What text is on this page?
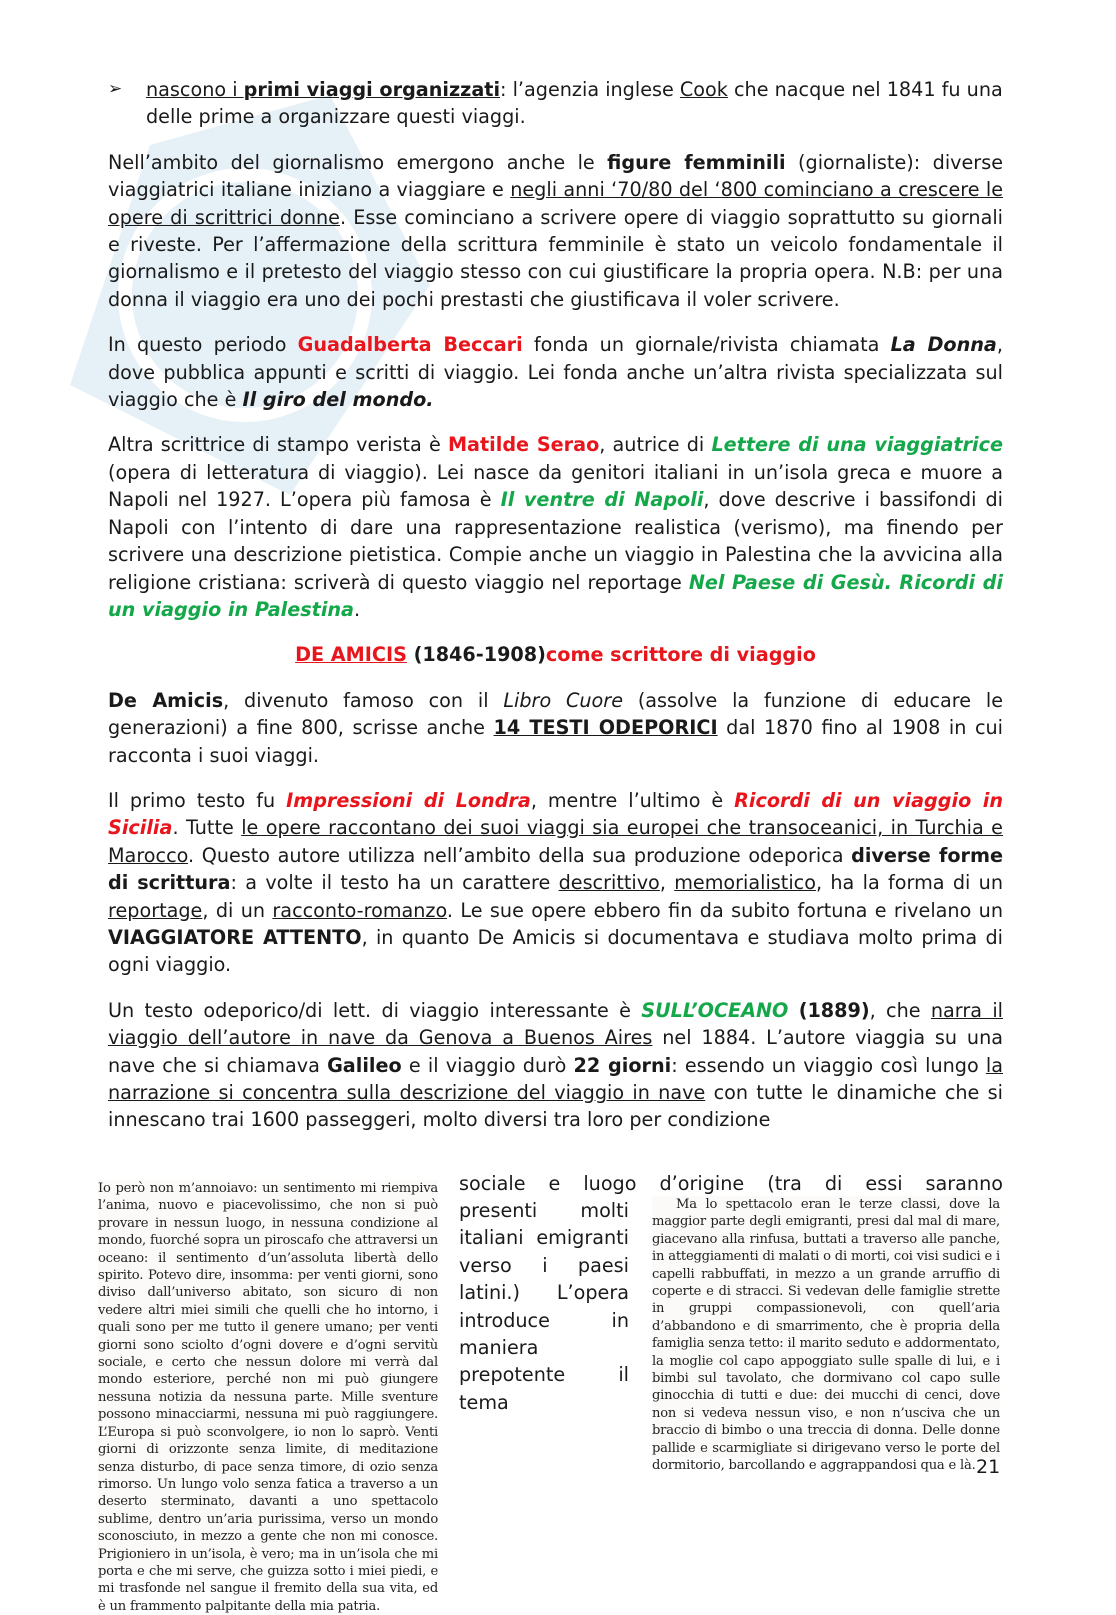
➢ nascono i primi viaggi organizzati: l’agenzia inglese Cook che nacque nel 1841 fu una delle prime a organizzare questi viaggi.

Nell’ambito del giornalismo emergono anche le figure femminili (giornaliste): diverse viaggiatrici italiane iniziano a viaggiare e negli anni ‘70/80 del ‘800 cominciano a crescere le opere di scrittrici donne. Esse cominciano a scrivere opere di viaggio soprattutto su giornali e riveste. Per l’affermazione della scrittura femminile è stato un veicolo fondamentale il giornalismo e il pretesto del viaggio stesso con cui giustificare la propria opera. N.B: per una donna il viaggio era uno dei pochi prestasti che giustificava il voler scrivere.

In questo periodo Guadalberta Beccari fonda un giornale/rivista chiamata La Donna, dove pubblica appunti e scritti di viaggio. Lei fonda anche un’altra rivista specializzata sul viaggio che è Il giro del mondo.

Altra scrittrice di stampo verista è Matilde Serao, autrice di Lettere di una viaggiatrice (opera di letteratura di viaggio). Lei nasce da genitori italiani in un’isola greca e muore a Napoli nel 1927. L’opera più famosa è Il ventre di Napoli, dove descrive i bassifondi di Napoli con l’intento di dare una rappresentazione realistica (verismo), ma finendo per scrivere una descrizione pietistica. Compie anche un viaggio in Palestina che la avvicina alla religione cristiana: scriverà di questo viaggio nel reportage Nel Paese di Gesù. Ricordi di un viaggio in Palestina.

DE AMICIS (1846-1908)come scrittore di viaggio

De Amicis, divenuto famoso con il Libro Cuore (assolve la funzione di educare le generazioni) a fine 800, scrisse anche 14 TESTI ODEPORICI dal 1870 fino al 1908 in cui racconta i suoi viaggi.

Il primo testo fu Impressioni di Londra, mentre l’ultimo è Ricordi di un viaggio in Sicilia. Tutte le opere raccontano dei suoi viaggi sia europei che transoceanici, in Turchia e Marocco. Questo autore utilizza nell’ambito della sua produzione odeporica diverse forme di scrittura: a volte il testo ha un carattere descrittivo, memorialistico, ha la forma di un reportage, di un racconto-romanzo. Le sue opere ebbero fin da subito fortuna e rivelano un VIAGGIATORE ATTENTO, in quanto De Amicis si documentava e studiava molto prima di ogni viaggio.

Un testo odeporico/di lett. di viaggio interessante è SULL’OCEANO (1889), che narra il viaggio dell’autore in nave da Genova a Buenos Aires nel 1884. L’autore viaggia su una nave che si chiamava Galileo e il viaggio durò 22 giorni: essendo un viaggio così lungo la narrazione si concentra sulla descrizione del viaggio in nave con tutte le dinamiche che si innescano trai 1600 passeggeri, molto diversi tra loro per condizione

sociale e luogo d’origine (tra di essi saranno
presenti molti italiani emigranti verso i paesi latini.) L’opera introduce in maniera prepotente il tema

Io però non m’annoiavo: un sentimento mi riempiva l’anima, nuovo e piacevolissimo, che non si può provare in nessun luogo, in nessuna condizione al mondo, fuorché sopra un piroscafo che attraversi un oceano: il sentimento d’un’assoluta libertà dello spirito. Potevo dire, insomma: per venti giorni, sono diviso dall’universo abitato, son sicuro di non vedere altri miei simili che quelli che ho intorno, i quali sono per me tutto il genere umano; per venti giorni sono sciolto d’ogni dovere e d’ogni servitù sociale, e certo che nessun dolore mi verrà dal mondo esteriore, perché non mi può giungere nessuna notizia da nessuna parte. Mille sventure possono minacciarmi, nessuna mi può raggiungere. L’Europa si può sconvolgere, io non lo saprò. Venti giorni di orizzonte senza limite, di meditazione senza disturbo, di pace senza timore, di ozio senza rimorso. Un lungo volo senza fatica a traverso a un deserto sterminato, davanti a uno spettacolo sublime, dentro un’aria purissima, verso un mondo sconosciuto, in mezzo a gente che non mi conosce. Prigioniero in un’isola, è vero; ma in un’isola che mi porta e che mi serve, che guizza sotto i miei piedi, e mi trasfonde nel sangue il fremito della sua vita, ed è un frammento palpitante della mia patria.

Ma lo spettacolo eran le terze classi, dove la maggior parte degli emigranti, presi dal mal di mare, giacevano alla rinfusa, buttati a traverso alle panche, in atteggiamenti di malati o di morti, coi visi sudici e i capelli rabbuffati, in mezzo a un grande arruffio di coperte e di stracci. Si vedevan delle famiglie strette in gruppi compassionevoli, con quell’aria d’abbandono e di smarrimento, che è propria della famiglia senza tetto: il marito seduto e addormentato, la moglie col capo appoggiato sulle spalle di lui, e i bimbi sul tavolato, che dormivano col capo sulle ginocchia di tutti e due: dei mucchi di cenci, dove non si vedeva nessun viso, e non n’usciva che un braccio di bimbo o una treccia di donna. Delle donne pallide e scarmigliate si dirigevano verso le porte del dormitorio, barcollando e aggrappandosi qua e là. 21
